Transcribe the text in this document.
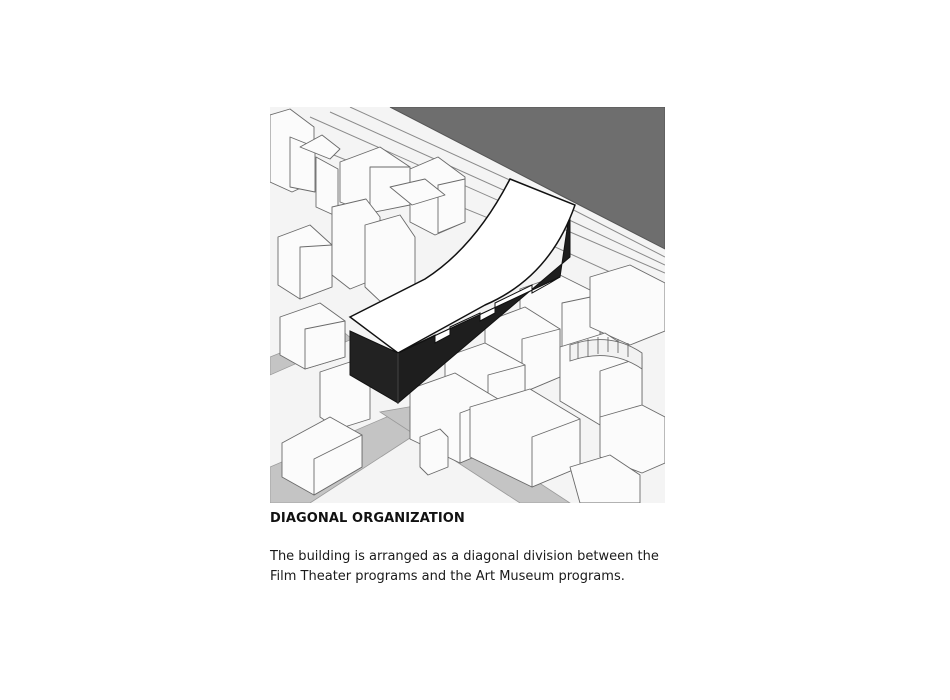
DIAGONAL ORGANIZATION
The building is arranged as a diagonal division between the
Film Theater programs and the Art Museum programs.
